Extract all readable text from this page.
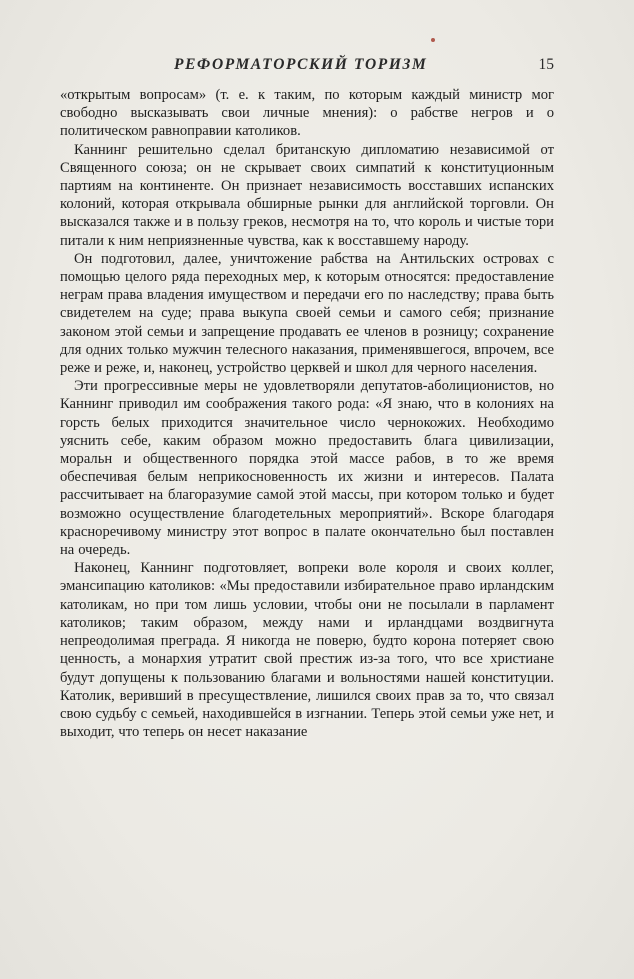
РЕФОРМАТОРСКИЙ ТОРИЗМ	15

«открытым вопросам» (т. е. к таким, по которым каждый министр мог свободно высказывать свои личные мнения): о рабстве негров и о политическом равноправии католиков.

Каннинг решительно сделал британскую дипломатию независимой от Священного союза; он не скрывает своих симпатий к конституционным партиям на континенте. Он признает независимость восставших испанских колоний, которая открывала обширные рынки для английской торговли. Он высказался также и в пользу греков, несмотря на то, что король и чистые тори питали к ним неприязненные чувства, как к восставшему народу.

Он подготовил, далее, уничтожение рабства на Антильских островах с помощью целого ряда переходных мер, к которым относятся: предоставление неграм права владения имуществом и передачи его по наследству; права быть свидетелем на суде; права выкупа своей семьи и самого себя; признание законом этой семьи и запрещение продавать ее членов в розницу; сохранение для одних только мужчин телесного наказания, применявшегося, впрочем, все реже и реже, и, наконец, устройство церквей и школ для черного населения.

Эти прогрессивные меры не удовлетворяли депутатов-аболиционистов, но Каннинг приводил им соображения такого рода: «Я знаю, что в колониях на горсть белых приходится значительное число чернокожих. Необходимо уяснить себе, каким образом можно предоставить блага цивилизации, моральн и общественного порядка этой массе рабов, в то же время обеспечивая белым неприкосновенность их жизни и интересов. Палата рассчитывает на благоразумие самой этой массы, при котором только и будет возможно осуществление благодетельных мероприятий». Вскоре благодаря красноречивому министру этот вопрос в палате окончательно был поставлен на очередь.

Наконец, Каннинг подготовляет, вопреки воле короля и своих коллег, эмансипацию католиков: «Мы предоставили избирательное право ирландским католикам, но при том лишь условии, чтобы они не посылали в парламент католиков; таким образом, между нами и ирландцами воздвигнута непреодолимая преграда. Я никогда не поверю, будто корона потеряет свою ценность, а монархия утратит свой престиж из-за того, что все христиане будут допущены к пользованию благами и вольностями нашей конституции. Католик, веривший в пресуществление, лишился своих прав за то, что связал свою судьбу с семьей, находившейся в изгнании. Теперь этой семьи уже нет, и выходит, что теперь он несет наказание
